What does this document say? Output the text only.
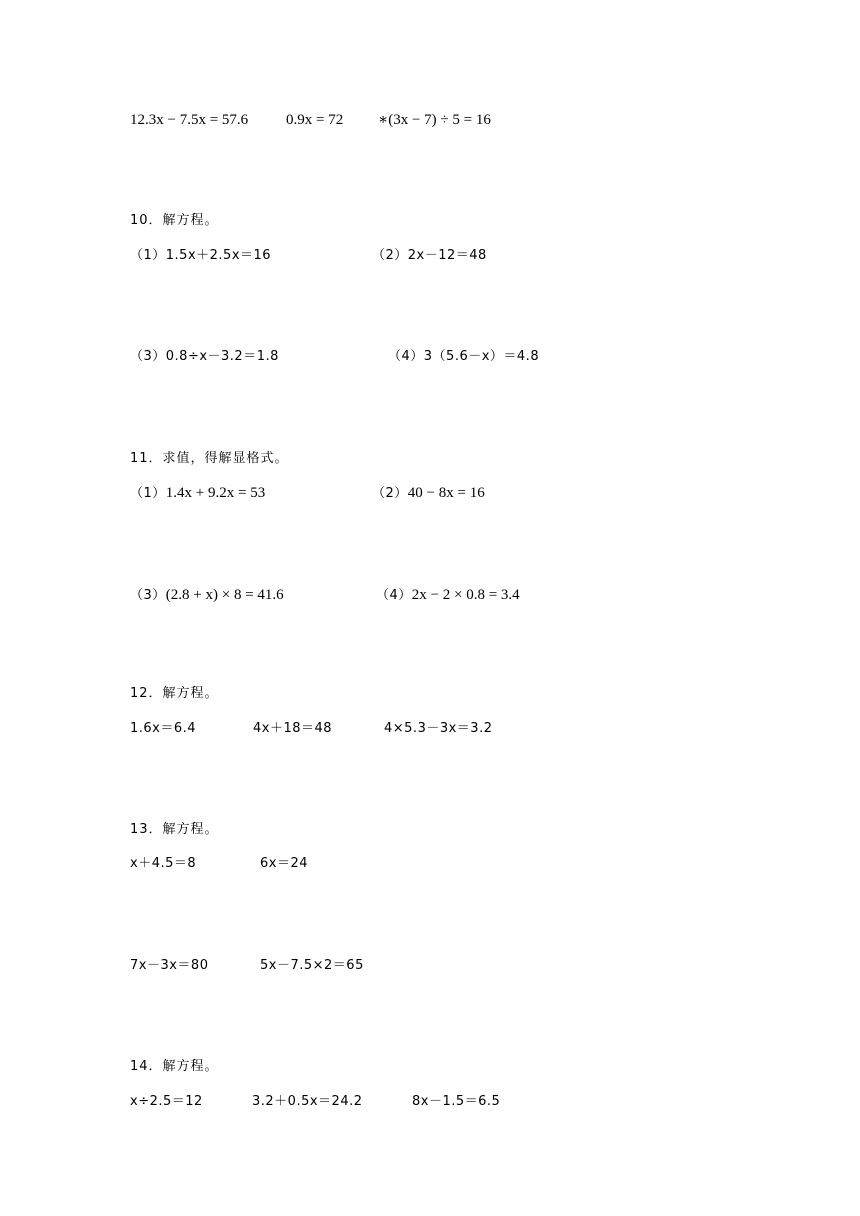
12.3x − 7.5x = 57.6	0.9x = 72 ∗(3x − 7) ÷ 5 = 16
10．解方程。
（1）1.5x＋2.5x＝16	（2）2x－12＝48
（3）0.8÷x－3.2＝1.8	（4）3（5.6－x）＝4.8
11．求值，得解显格式。
（1）1.4x + 9.2x = 53	（2）40 − 8x = 16
（3）(2.8 + x) × 8 = 41.6	（4）2x − 2 × 0.8 = 3.4
12．解方程。
1.6x＝6.4	4x＋18＝48	4×5.3－3x＝3.2
13．解方程。
x＋4.5＝8	6x＝24
7x－3x＝80	5x－7.5×2＝65
14．解方程。
x÷2.5＝12	3.2＋0.5x＝24.2	8x－1.5＝6.5
